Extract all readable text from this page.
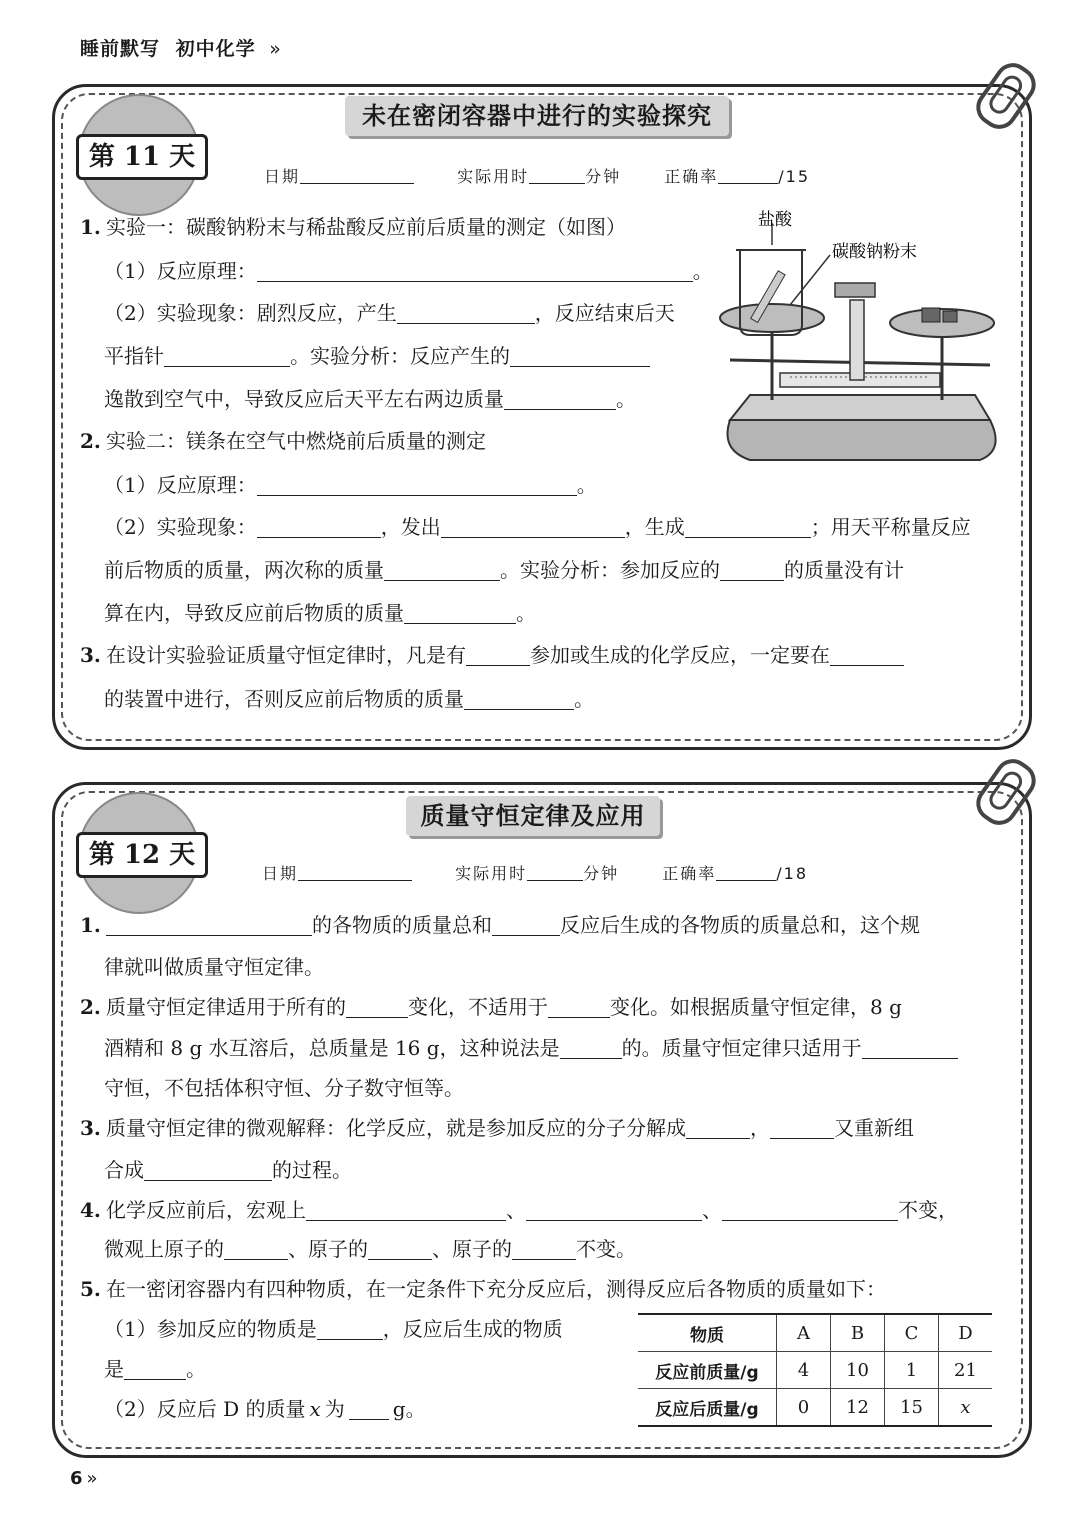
睡前默写 初中化学 »
未在密闭容器中进行的实验探究
第 11 天
日期	实际用时	分钟	正确率	/15
盐酸
碳酸钠粉末
1. 实验一：碳酸钠粉末与稀盐酸反应前后质量的测定（如图）
（1）反应原理：	。
（2）实验现象：剧烈反应，产生	，反应结束后天
平指针	。实验分析：反应产生的
逸散到空气中，导致反应后天平左右两边质量	。
2. 实验二：镁条在空气中燃烧前后质量的测定
（1）反应原理：	。
（2）实验现象：	，发出	，生成	；用天平称量反应
前后物质的质量，两次称的质量	。实验分析：参加反应的	的质量没有计
算在内，导致反应前后物质的质量	。
3. 在设计实验验证质量守恒定律时，凡是有	参加或生成的化学反应，一定要在
的装置中进行，否则反应前后物质的质量	。
质量守恒定律及应用
第 12 天
日期	实际用时	分钟	正确率	/18
1.	的各物质的质量总和	反应后生成的各物质的质量总和，这个规
律就叫做质量守恒定律。
2. 质量守恒定律适用于所有的	变化，不适用于	变化。如根据质量守恒定律，8 g
酒精和 8 g 水互溶后，总质量是 16 g，这种说法是	的。质量守恒定律只适用于
守恒，不包括体积守恒、分子数守恒等。
3. 质量守恒定律的微观解释：化学反应，就是参加反应的分子分解成	，	又重新组
合成	的过程。
4. 化学反应前后，宏观上	、	、	不变，
微观上原子的	、原子的	、原子的	不变。
5. 在一密闭容器内有四种物质，在一定条件下充分反应后，测得反应后各物质的质量如下：
（1）参加反应的物质是	，反应后生成的物质
是	。
（2）反应后 D 的质量 x 为 g。
物质	A	B	C	D
反应前质量/g	4	10	1	21
反应后质量/g	0	12	15	x
6 »
